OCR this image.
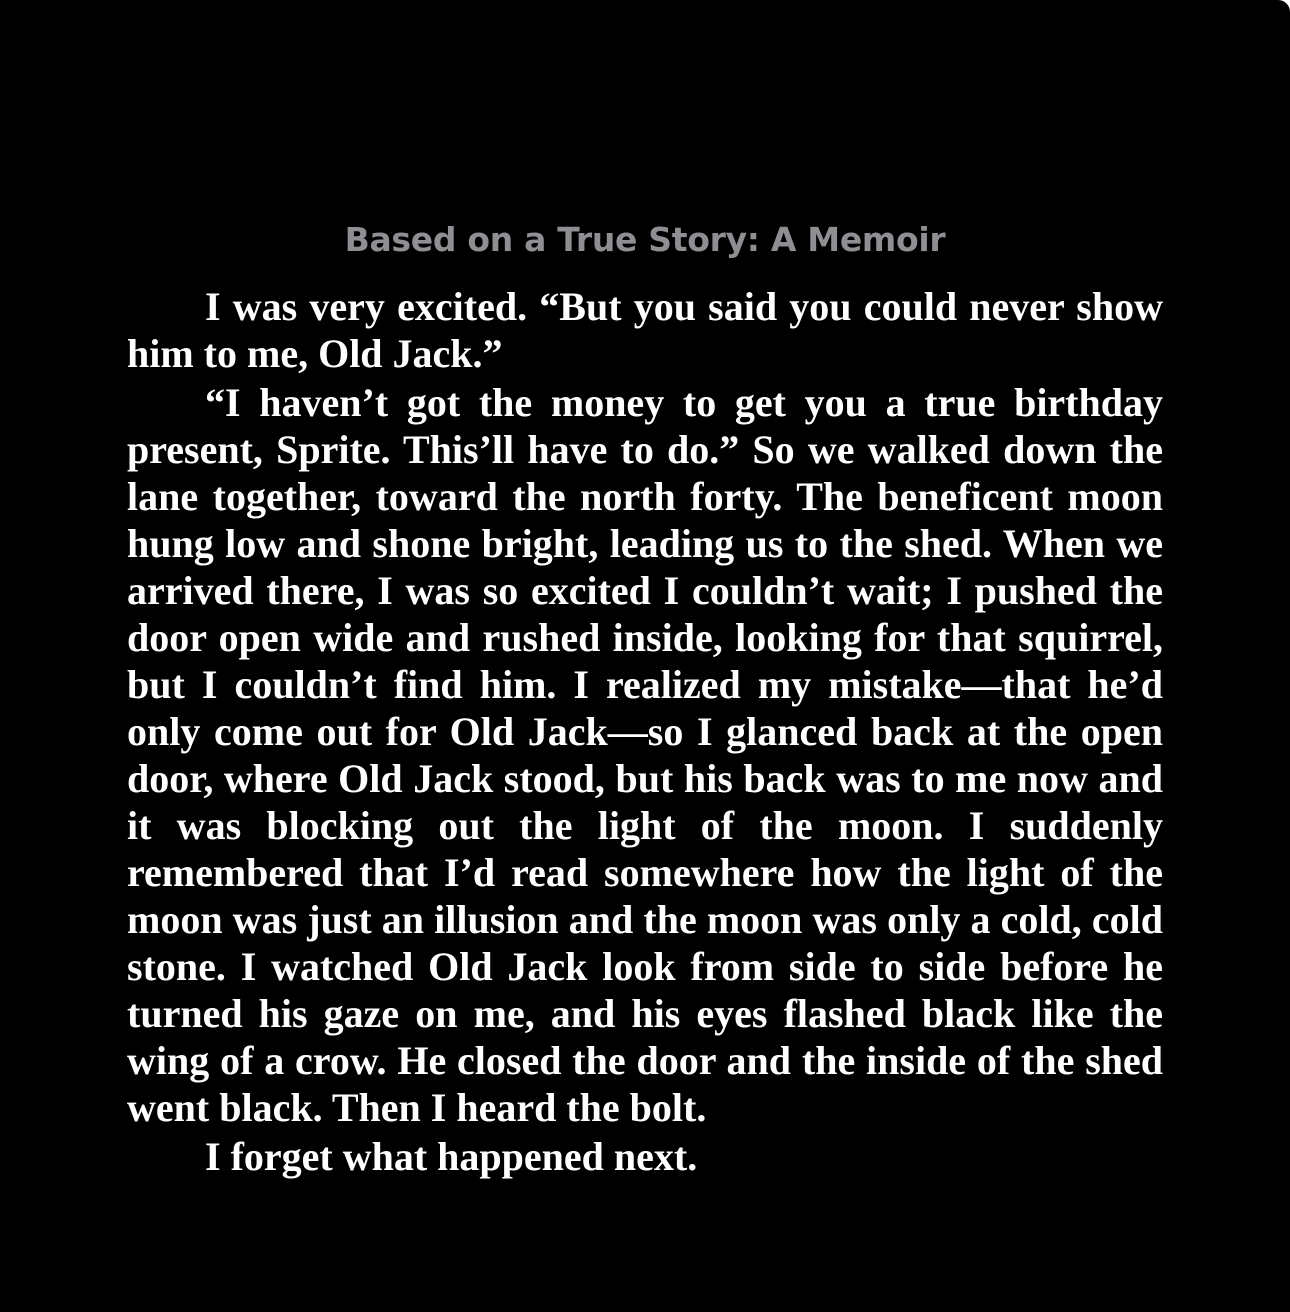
Based on a True Story: A Memoir

I was very excited. “But you said you could never show him to me, Old Jack.”

“I haven’t got the money to get you a true birthday present, Sprite. This’ll have to do.” So we walked down the lane together, toward the north forty. The beneficent moon hung low and shone bright, leading us to the shed. When we arrived there, I was so excited I couldn’t wait; I pushed the door open wide and rushed inside, looking for that squirrel, but I couldn’t find him. I realized my mistake—that he’d only come out for Old Jack—so I glanced back at the open door, where Old Jack stood, but his back was to me now and it was blocking out the light of the moon. I suddenly remembered that I’d read somewhere how the light of the moon was just an illusion and the moon was only a cold, cold stone. I watched Old Jack look from side to side before he turned his gaze on me, and his eyes flashed black like the wing of a crow. He closed the door and the inside of the shed went black. Then I heard the bolt.

I forget what happened next.
